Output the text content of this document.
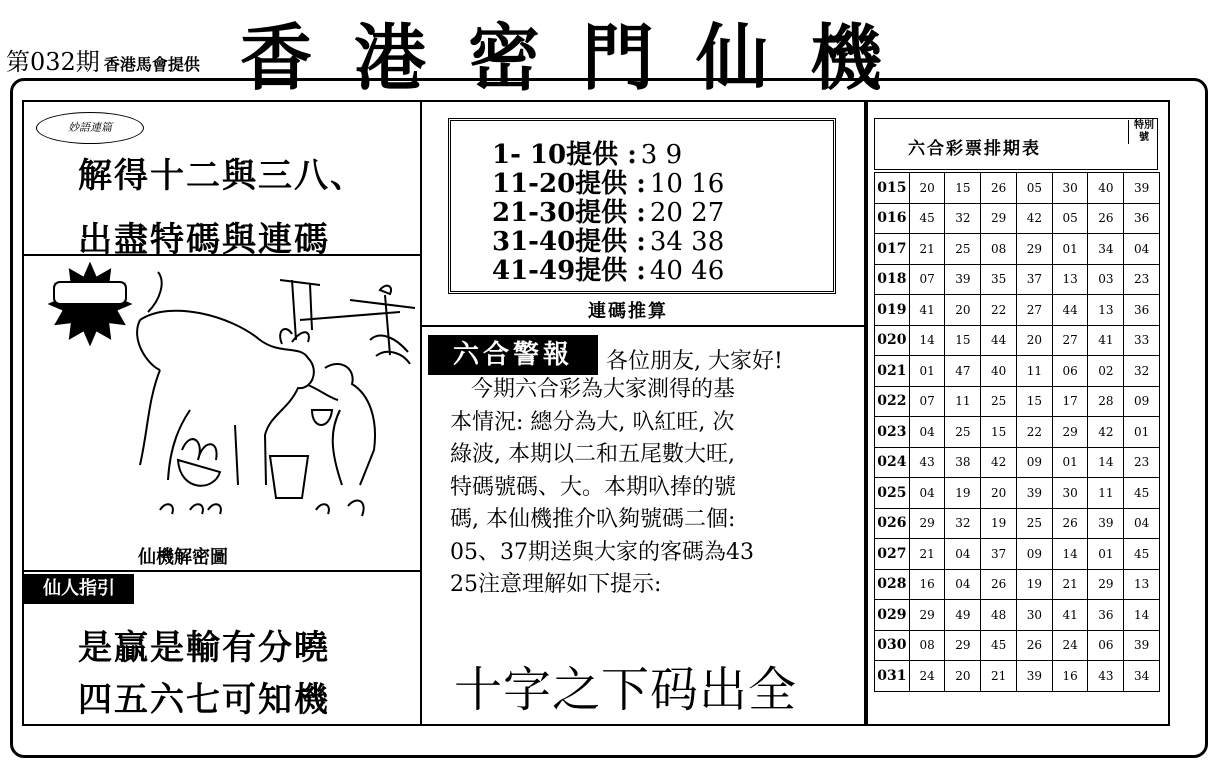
第032期 香港馬會提供 香港密門仙機
妙語連篇
解得十二與三八、
出盡特碼與連碼
仙機解密圖
仙人指引
是贏是輸有分曉
四五六七可知機
1- 10提供 : 3 9
11-20提供 : 10 16
21-30提供 : 20 27
31-40提供 : 34 38
41-49提供 : 40 46
連碼推算
六合警報	各位朋友, 大家好!
今期六合彩為大家測得的基
本情況: 總分為大, 叺紅旺, 次
綠波, 本期以二和五尾數大旺,
特碼號碼、大。本期叺捧的號
碼, 本仙機推介叺夠號碼二個:
05、37期送與大家的客碼為43
25注意理解如下提示:
十字之下码出全
六合彩票排期表
特別號
015	20	15	26	05	30	40	39
016	45	32	29	42	05	26	36
017	21	25	08	29	01	34	04
018	07	39	35	37	13	03	23
019	41	20	22	27	44	13	36
020	14	15	44	20	27	41	33
021	01	47	40	11	06	02	32
022	07	11	25	15	17	28	09
023	04	25	15	22	29	42	01
024	43	38	42	09	01	14	23
025	04	19	20	39	30	11	45
026	29	32	19	25	26	39	04
027	21	04	37	09	14	01	45
028	16	04	26	19	21	29	13
029	29	49	48	30	41	36	14
030	08	29	45	26	24	06	39
031	24	20	21	39	16	43	34
